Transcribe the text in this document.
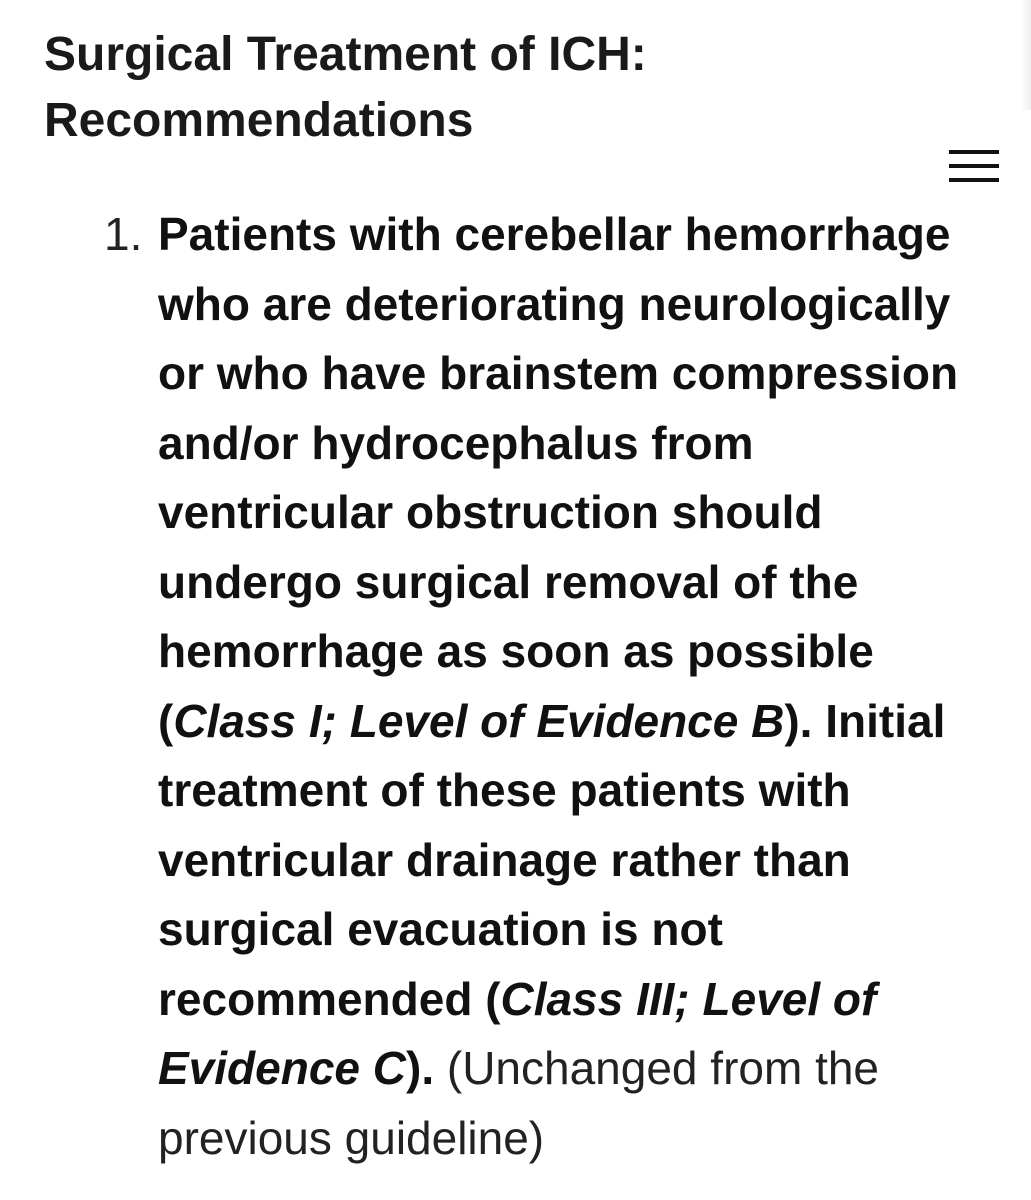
Surgical Treatment of ICH:
Recommendations
1. Patients with cerebellar hemorrhage who are deteriorating neurologically or who have brainstem compression and/or hydrocephalus from ventricular obstruction should undergo surgical removal of the hemorrhage as soon as possible (Class I; Level of Evidence B). Initial treatment of these patients with ventricular drainage rather than surgical evacuation is not recommended (Class III; Level of Evidence C). (Unchanged from the previous guideline)
